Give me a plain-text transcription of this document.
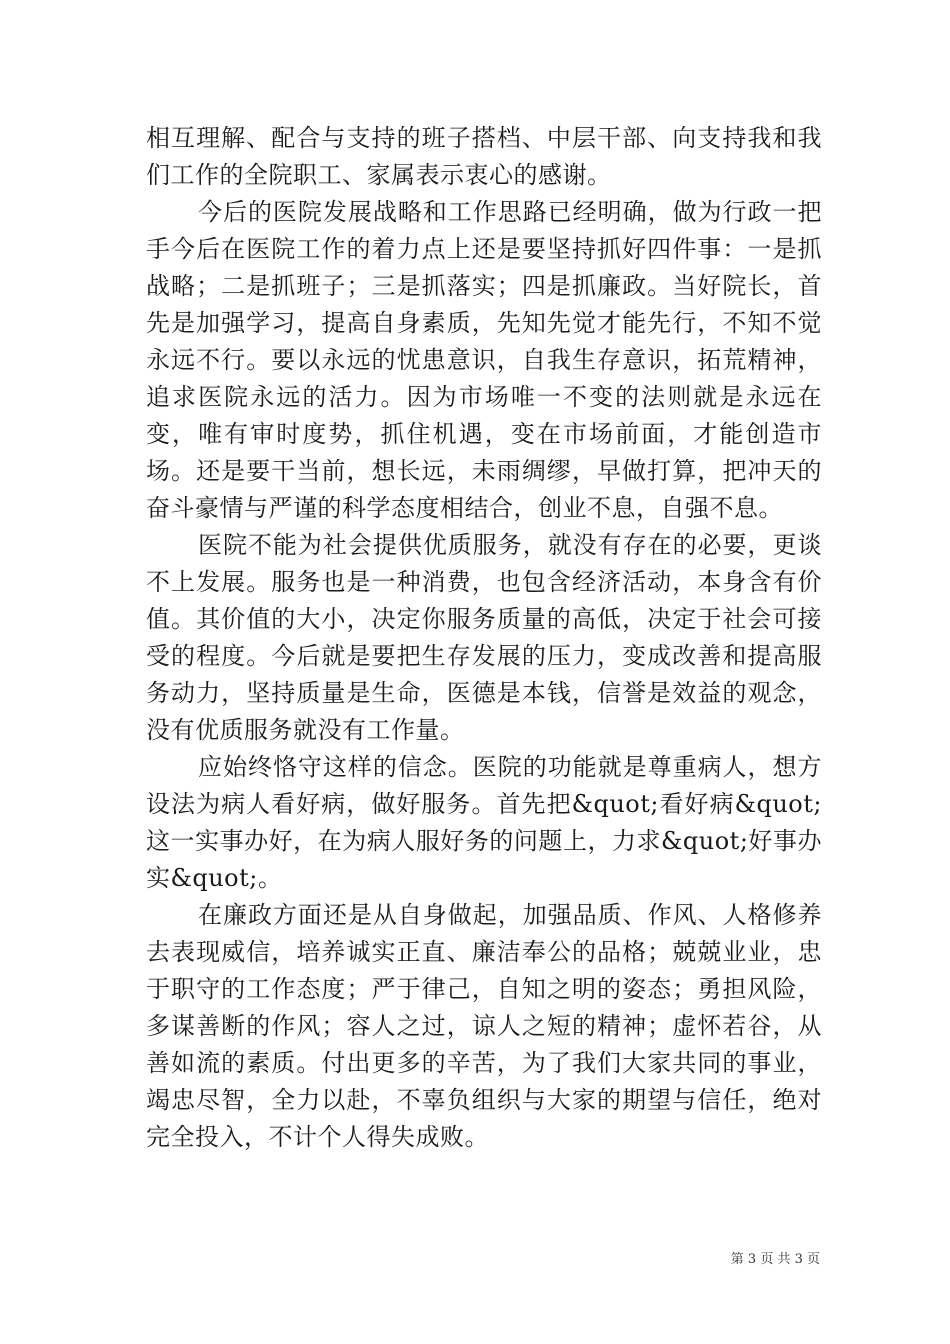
相互理解、配合与支持的班子搭档、中层干部、向支持我和我们工作的全院职工、家属表示衷心的感谢。

今后的医院发展战略和工作思路已经明确，做为行政一把手今后在医院工作的着力点上还是要坚持抓好四件事：一是抓战略；二是抓班子；三是抓落实；四是抓廉政。当好院长，首先是加强学习，提高自身素质，先知先觉才能先行，不知不觉永远不行。要以永远的忧患意识，自我生存意识，拓荒精神，追求医院永远的活力。因为市场唯一不变的法则就是永远在变，唯有审时度势，抓住机遇，变在市场前面，才能创造市场。还是要干当前，想长远，未雨绸缪，早做打算，把冲天的奋斗豪情与严谨的科学态度相结合，创业不息，自强不息。

医院不能为社会提供优质服务，就没有存在的必要，更谈不上发展。服务也是一种消费，也包含经济活动，本身含有价值。其价值的大小，决定你服务质量的高低，决定于社会可接受的程度。今后就是要把生存发展的压力，变成改善和提高服务动力，坚持质量是生命，医德是本钱，信誉是效益的观念，没有优质服务就没有工作量。

应始终恪守这样的信念。医院的功能就是尊重病人，想方设法为病人看好病，做好服务。首先把&quot;看好病&quot;这一实事办好，在为病人服好务的问题上，力求&quot;好事办实&quot;。

在廉政方面还是从自身做起，加强品质、作风、人格修养去表现威信，培养诚实正直、廉洁奉公的品格；兢兢业业，忠于职守的工作态度；严于律己，自知之明的姿态；勇担风险，多谋善断的作风；容人之过，谅人之短的精神；虚怀若谷，从善如流的素质。付出更多的辛苦，为了我们大家共同的事业，竭忠尽智，全力以赴，不辜负组织与大家的期望与信任，绝对完全投入，不计个人得失成败。

第 3 页 共 3 页
